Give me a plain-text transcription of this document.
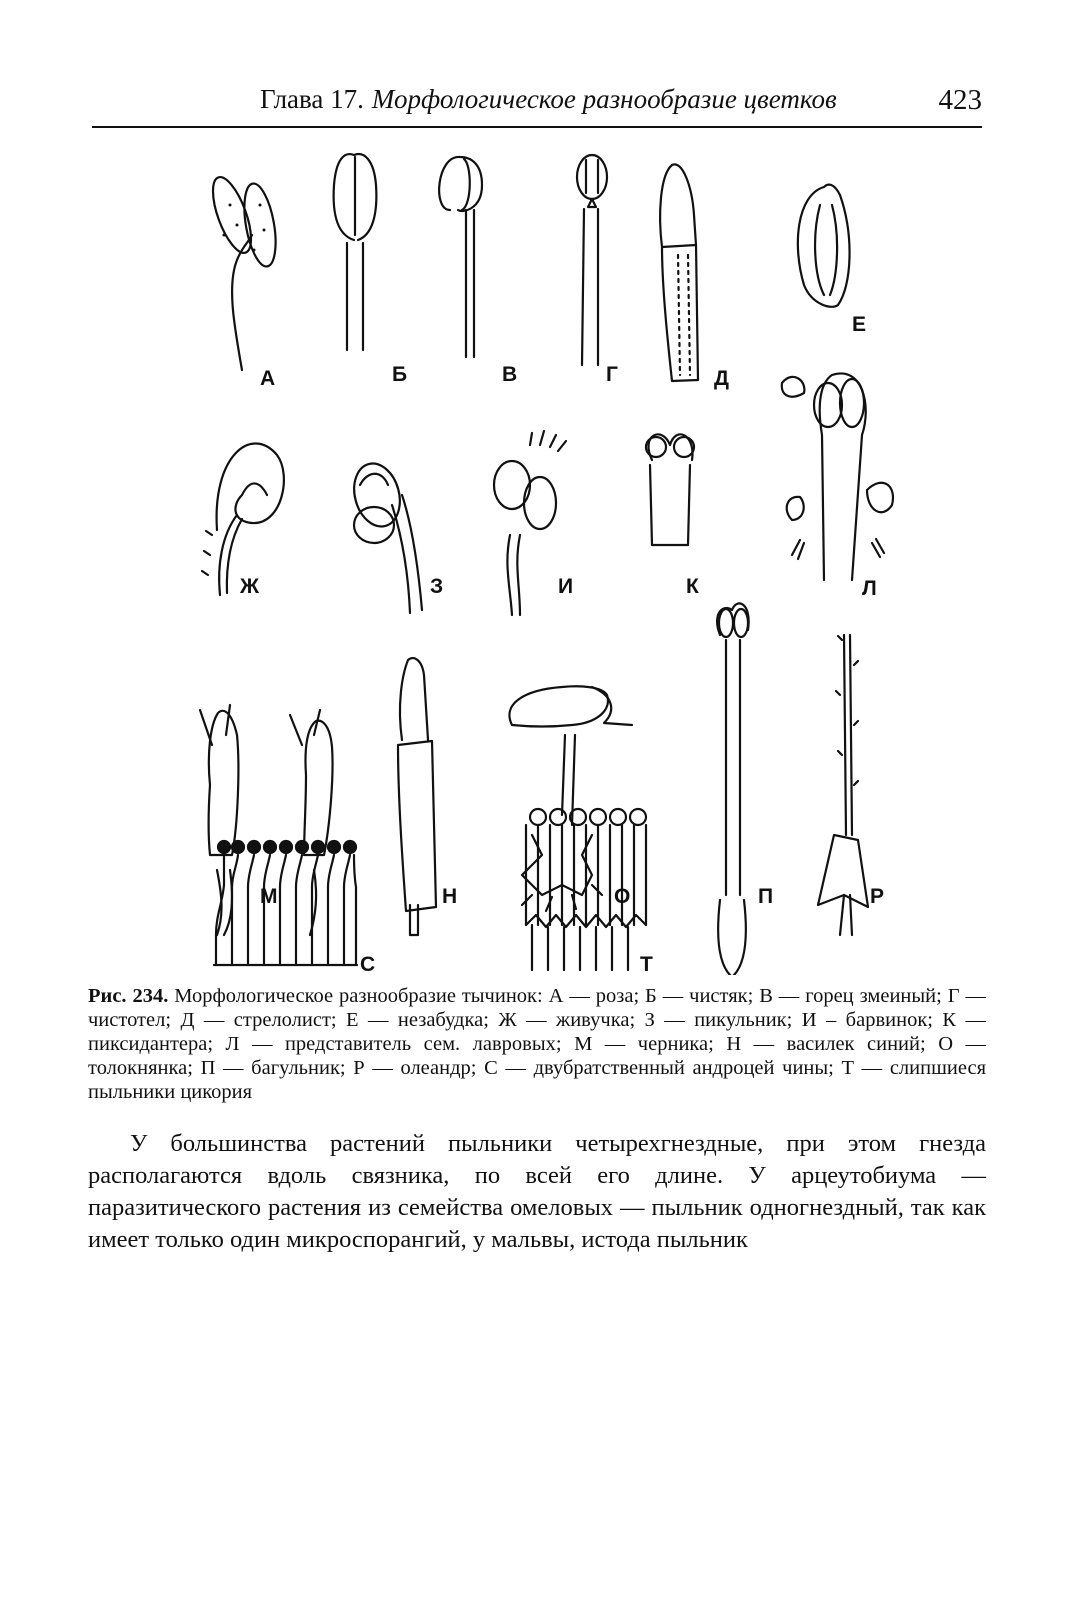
Глава 17. Морфологическое разнообразие цветков	423
А	Б	В	Г	Д
Е
Ж	З	И	К	Л
М	Н	О	П	Р
С	Т
Рис. 234. Морфологическое разнообразие тычинок: А — роза; Б — чистяк; В — горец змеиный; Г — чистотел; Д — стрелолист; Е — незабудка; Ж — живучка; З — пикульник; И – барвинок; К — пиксидантера; Л — представитель сем. лавровых; М — черника; Н — василек синий; О — толокнянка; П — багульник; Р — олеандр; С — двубратственный андроцей чины; Т — слипшиеся пыльники цикория
У большинства растений пыльники четырехгнездные, при этом гнезда располагаются вдоль связника, по всей его длине. У арцеутобиума — паразитического растения из семейства омеловых — пыльник одногнездный, так как имеет только один микроспорангий, у мальвы, истода пыльник
